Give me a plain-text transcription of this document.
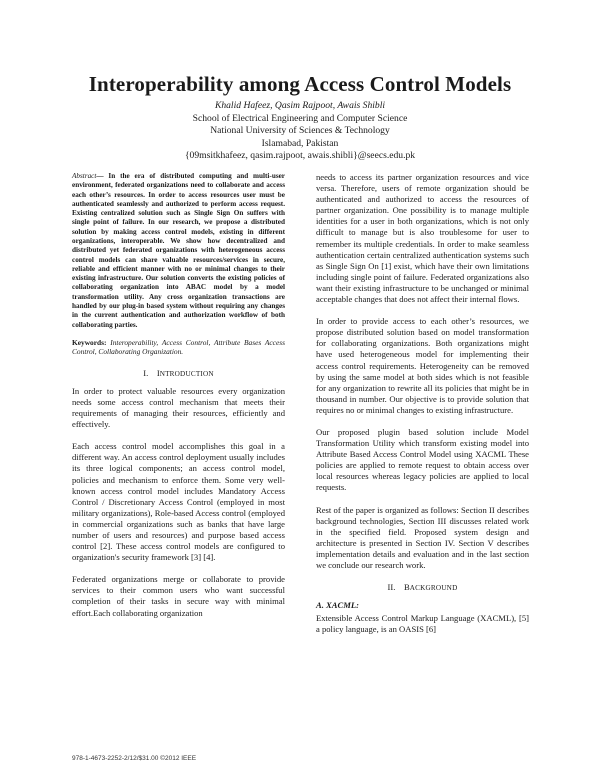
Interoperability among Access Control Models
Khalid Hafeez, Qasim Rajpoot, Awais Shibli
School of Electrical Engineering and Computer Science
National University of Sciences & Technology
Islamabad, Pakistan
{09msitkhafeez, qasim.rajpoot, awais.shibli}@seecs.edu.pk

Abstract— In the era of distributed computing and multi-user environment, federated organizations need to collaborate and access each other’s resources. In order to access resources user must be authenticated seamlessly and authorized to perform access request. Existing centralized solution such as Single Sign On suffers with single point of failure. In our research, we propose a distributed solution by making access control models, existing in different organizations, interoperable. We show how decentralized and distributed yet federated organizations with heterogeneous access control models can share valuable resources/services in secure, reliable and efficient manner with no or minimal changes to their existing infrastructure. Our solution converts the existing policies of collaborating organization into ABAC model by a model transformation utility. Any cross organization transactions are handled by our plug-in based system without requiring any changes in the current authentication and authorization workflow of both collaborating parties.

Keywords: Interoperability, Access Control, Attribute Bases Access Control, Collaborating Organization.

I. INTRODUCTION

In order to protect valuable resources every organization needs some access control mechanism that meets their requirements of managing their resources, efficiently and effectively.

Each access control model accomplishes this goal in a different way. An access control deployment usually includes its three logical components; an access control model, policies and mechanism to enforce them. Some very well-known access control model includes Mandatory Access Control / Discretionary Access Control (employed in most military organizations), Role-based Access control (employed in commercial organizations such as banks that have large number of users and resources) and purpose based access control [2]. These access control models are configured to organization's security framework [3] [4].

Federated organizations merge or collaborate to provide services to their common users who want successful completion of their tasks in secure way with minimal effort.Each collaborating organization

needs to access its partner organization resources and vice versa. Therefore, users of remote organization should be authenticated and authorized to access the resources of partner organization. One possibility is to manage multiple identities for a user in both organizations, which is not only difficult to manage but is also troublesome for user to remember its multiple credentials. In order to make seamless authentication certain centralized authentication systems such as Single Sign On [1] exist, which have their own limitations including single point of failure. Federated organizations also want their existing infrastructure to be unchanged or minimal acceptable changes that does not affect their internal flows.

In order to provide access to each other’s resources, we propose distributed solution based on model transformation for collaborating organizations. Both organizations might have used heterogeneous model for implementing their access control requirements. Heterogeneity can be removed by using the same model at both sides which is not feasible for any organization to rewrite all its policies that might be in thousand in number. Our objective is to provide solution that requires no or minimal changes to existing infrastructure.

Our proposed plugin based solution include Model Transformation Utility which transform existing model into Attribute Based Access Control Model using XACML These policies are applied to remote request to obtain access over local resources whereas legacy policies are applied to local requests.

Rest of the paper is organized as follows: Section II describes background technologies, Section III discusses related work in the specified field. Proposed system design and architecture is presented in Section IV. Section V describes implementation details and evaluation and in the last section we conclude our research work.

II. BACKGROUND

A. XACML:

Extensible Access Control Markup Language (XACML), [5] a policy language, is an OASIS [6]

978-1-4673-2252-2/12/$31.00 ©2012 IEEE
